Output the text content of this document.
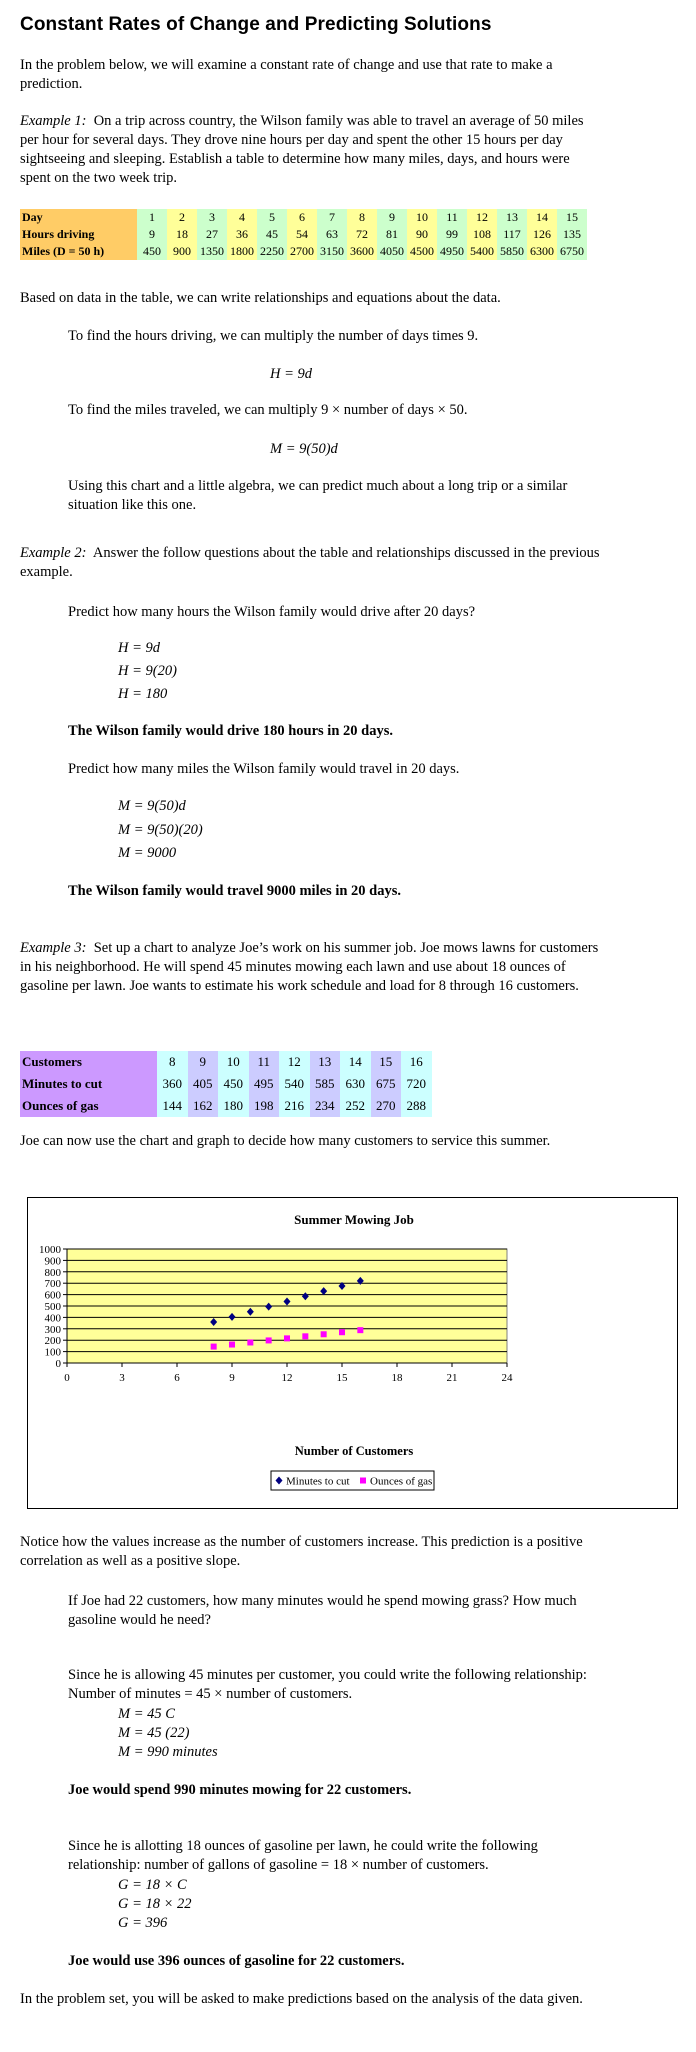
Constant Rates of Change and Predicting Solutions

In the problem below, we will examine a constant rate of change and use that rate to make a prediction.

Example 1: On a trip across country, the Wilson family was able to travel an average of 50 miles per hour for several days. They drove nine hours per day and spent the other 15 hours per day sightseeing and sleeping. Establish a table to determine how many miles, days, and hours were spent on the two week trip.

Day	1	2	3	4	5	6	7	8	9	10	11	12	13	14	15
Hours driving	9	18	27	36	45	54	63	72	81	90	99	108	117	126	135
Miles (D = 50 h)	450	900	1350	1800	2250	2700	3150	3600	4050	4500	4950	5400	5850	6300	6750

Based on data in the table, we can write relationships and equations about the data.

To find the hours driving, we can multiply the number of days times 9.

H = 9d

To find the miles traveled, we can multiply 9 × number of days × 50.

M = 9(50)d

Using this chart and a little algebra, we can predict much about a long trip or a similar situation like this one.

Example 2: Answer the follow questions about the table and relationships discussed in the previous example.

Predict how many hours the Wilson family would drive after 20 days?

H = 9d

H = 9(20)

H = 180

The Wilson family would drive 180 hours in 20 days.

Predict how many miles the Wilson family would travel in 20 days.

M = 9(50)d

M = 9(50)(20)

M = 9000

The Wilson family would travel 9000 miles in 20 days.

Example 3: Set up a chart to analyze Joe’s work on his summer job. Joe mows lawns for customers in his neighborhood. He will spend 45 minutes mowing each lawn and use about 18 ounces of gasoline per lawn. Joe wants to estimate his work schedule and load for 8 through 16 customers.

Customers	8	9	10	11	12	13	14	15	16
Minutes to cut	360	405	450	495	540	585	630	675	720
Ounces of gas	144	162	180	198	216	234	252	270	288

Joe can now use the chart and graph to decide how many customers to service this summer.

Summer Mowing Job
0
100
200
300
400
500
600
700
800
900
1000
0	3	6	9	12	15	18	21	24
Number of Customers
Minutes to cut Ounces of gas

Notice how the values increase as the number of customers increase. This prediction is a positive correlation as well as a positive slope.

If Joe had 22 customers, how many minutes would he spend mowing grass? How much gasoline would he need?

Since he is allowing 45 minutes per customer, you could write the following relationship: Number of minutes = 45 × number of customers.

M = 45 C

M = 45 (22)

M = 990 minutes

Joe would spend 990 minutes mowing for 22 customers.

Since he is allotting 18 ounces of gasoline per lawn, he could write the following relationship: number of gallons of gasoline = 18 × number of customers.

G = 18 × C

G = 18 × 22

G = 396

Joe would use 396 ounces of gasoline for 22 customers.

In the problem set, you will be asked to make predictions based on the analysis of the data given.
